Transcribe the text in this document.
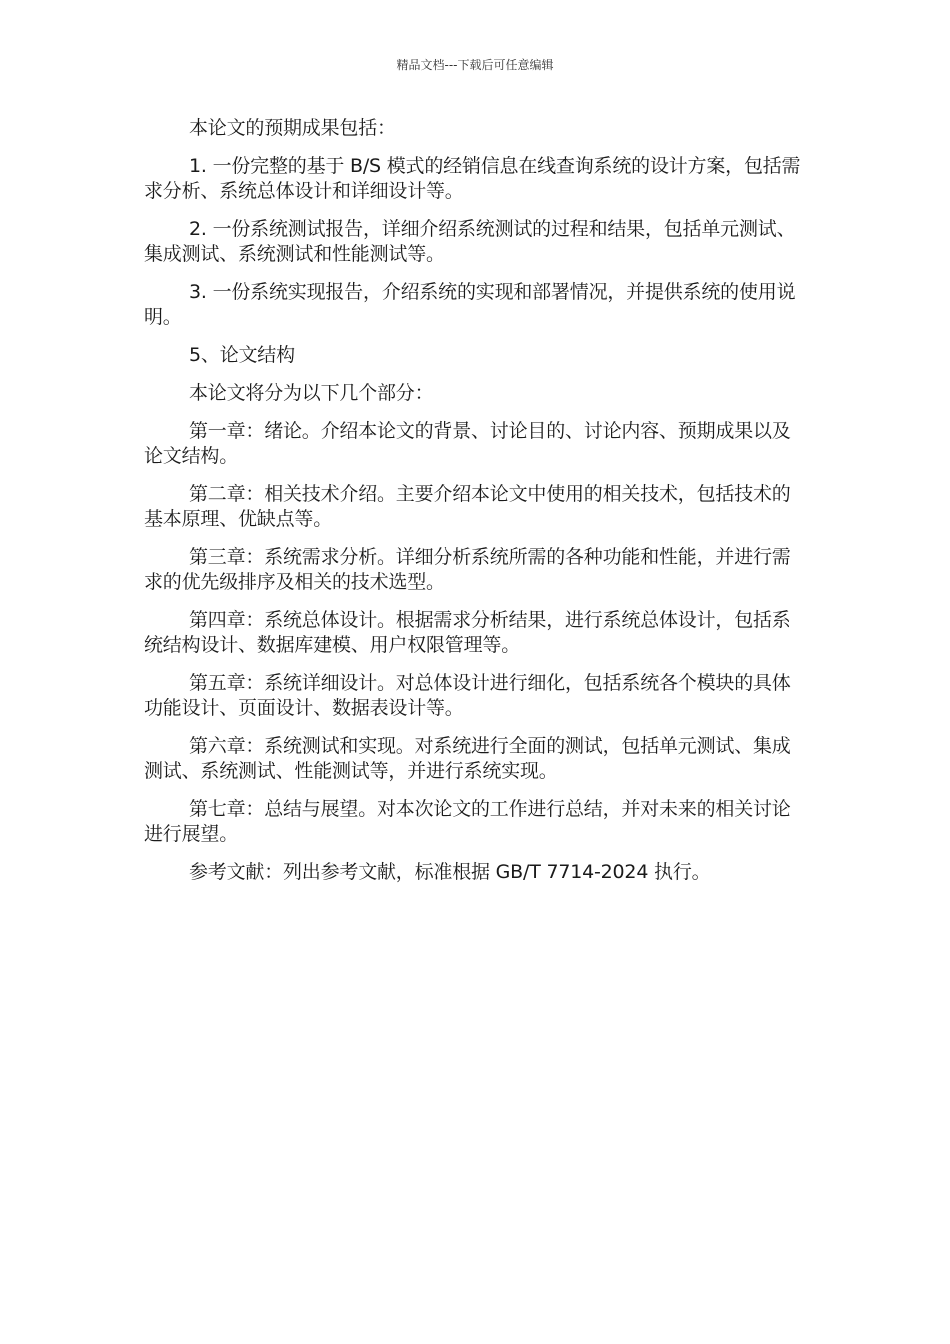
精品文档---下载后可任意编辑

本论文的预期成果包括：

1. 一份完整的基于 B/S 模式的经销信息在线查询系统的设计方案，包括需求分析、系统总体设计和详细设计等。

2. 一份系统测试报告，详细介绍系统测试的过程和结果，包括单元测试、集成测试、系统测试和性能测试等。

3. 一份系统实现报告，介绍系统的实现和部署情况，并提供系统的使用说明。

5、论文结构

本论文将分为以下几个部分：

第一章：绪论。介绍本论文的背景、讨论目的、讨论内容、预期成果以及论文结构。

第二章：相关技术介绍。主要介绍本论文中使用的相关技术，包括技术的基本原理、优缺点等。

第三章：系统需求分析。详细分析系统所需的各种功能和性能，并进行需求的优先级排序及相关的技术选型。

第四章：系统总体设计。根据需求分析结果，进行系统总体设计，包括系统结构设计、数据库建模、用户权限管理等。

第五章：系统详细设计。对总体设计进行细化，包括系统各个模块的具体功能设计、页面设计、数据表设计等。

第六章：系统测试和实现。对系统进行全面的测试，包括单元测试、集成测试、系统测试、性能测试等，并进行系统实现。

第七章：总结与展望。对本次论文的工作进行总结，并对未来的相关讨论进行展望。

参考文献：列出参考文献，标准根据 GB/T 7714-2024 执行。
